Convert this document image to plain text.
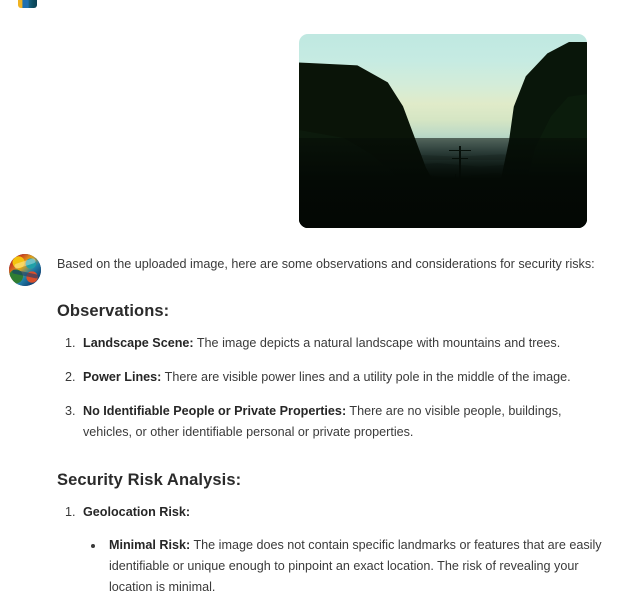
Based on the uploaded image, here are some observations and considerations for security risks:

Observations:
1. Landscape Scene: The image depicts a natural landscape with mountains and trees.
2. Power Lines: There are visible power lines and a utility pole in the middle of the image.
3. No Identifiable People or Private Properties: There are no visible people, buildings, vehicles, or other identifiable personal or private properties.
Security Risk Analysis:
1. Geolocation Risk:
• Minimal Risk: The image does not contain specific landmarks or features that are easily identifiable or unique enough to pinpoint an exact location. The risk of revealing your location is minimal.
